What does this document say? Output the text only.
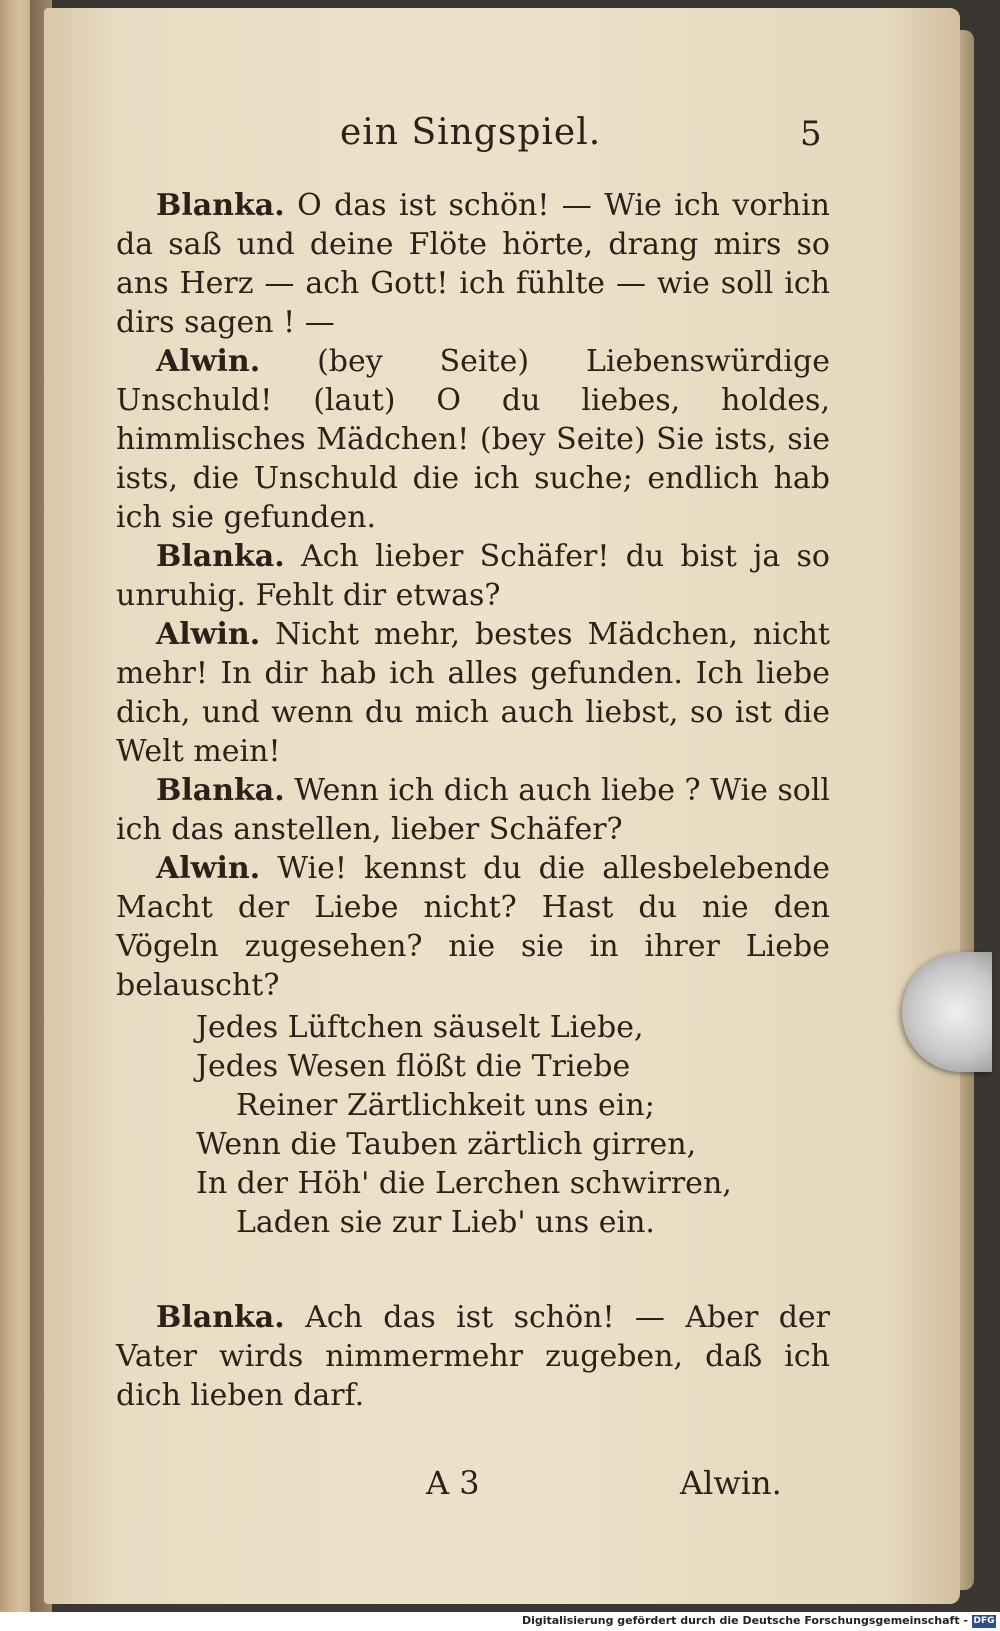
ein Singspiel.	5

Blanka. O das ist schön! — Wie ich vorhin da saß und deine Flöte hörte, drang mirs so ans Herz — ach Gott! ich fühlte — wie soll ich dirs sagen ! —

Alwin. (bey Seite) Liebenswürdige Unschuld! (laut) O du liebes, holdes, himmlisches Mädchen! (bey Seite) Sie ists, sie ists, die Unschuld die ich suche; endlich hab ich sie gefunden.

Blanka. Ach lieber Schäfer! du bist ja so unruhig. Fehlt dir etwas?

Alwin. Nicht mehr, bestes Mädchen, nicht mehr! In dir hab ich alles gefunden. Ich liebe dich, und wenn du mich auch liebst, so ist die Welt mein!

Blanka. Wenn ich dich auch liebe ? Wie soll ich das anstellen, lieber Schäfer?

Alwin. Wie! kennst du die allesbelebende Macht der Liebe nicht? Hast du nie den Vögeln zugesehen? nie sie in ihrer Liebe belauscht?

Jedes Lüftchen säuselt Liebe,
Jedes Wesen flößt die Triebe
Reiner Zärtlichkeit uns ein;
Wenn die Tauben zärtlich girren,
In der Höh' die Lerchen schwirren,
Laden sie zur Lieb' uns ein.

Blanka. Ach das ist schön! — Aber der Vater wirds nimmermehr zugeben, daß ich dich lieben darf.

A 3	Alwin.
Digitalisierung gefördert durch die Deutsche Forschungsgemeinschaft - DFG
